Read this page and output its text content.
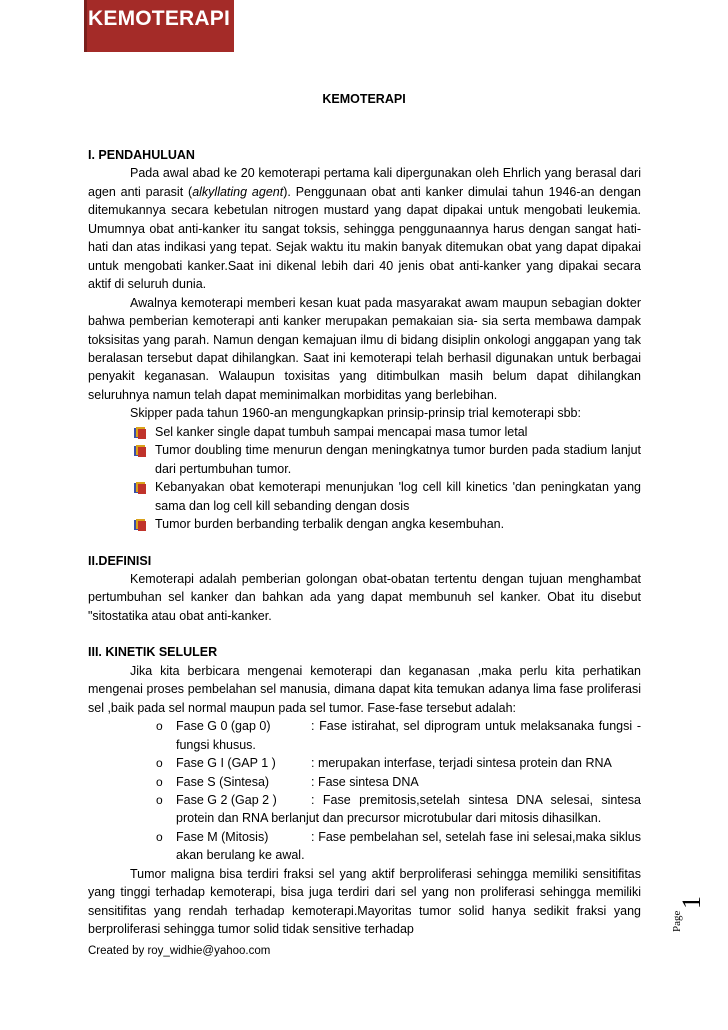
KEMOTERAPI
KEMOTERAPI

I. PENDAHULUAN

Pada awal abad ke 20 kemoterapi pertama kali dipergunakan oleh Ehrlich yang berasal dari agen anti parasit (alkyllating agent). Penggunaan obat anti kanker dimulai tahun 1946-an dengan ditemukannya secara kebetulan nitrogen mustard yang dapat dipakai untuk mengobati leukemia. Umumnya obat anti-kanker itu sangat toksis, sehingga penggunaannya harus dengan sangat hati-hati dan atas indikasi yang tepat. Sejak waktu itu makin banyak ditemukan obat yang dapat dipakai untuk mengobati kanker.Saat ini dikenal lebih dari 40 jenis obat anti-kanker yang dipakai secara aktif di seluruh dunia.

Awalnya kemoterapi memberi kesan kuat pada masyarakat awam maupun sebagian dokter bahwa pemberian kemoterapi anti kanker merupakan pemakaian sia- sia serta membawa dampak toksisitas yang parah. Namun dengan kemajuan ilmu di bidang disiplin onkologi anggapan yang tak beralasan tersebut dapat dihilangkan. Saat ini kemoterapi telah berhasil digunakan untuk berbagai penyakit keganasan. Walaupun toxisitas yang ditimbulkan masih belum dapat dihilangkan seluruhnya namun telah dapat meminimalkan morbiditas yang berlebihan.

Skipper pada tahun 1960-an mengungkapkan prinsip-prinsip trial kemoterapi sbb:

Sel kanker single dapat tumbuh sampai mencapai masa tumor letal
Tumor doubling time menurun dengan meningkatnya tumor burden pada stadium lanjut dari pertumbuhan tumor.
Kebanyakan obat kemoterapi menunjukan 'log cell kill kinetics 'dan peningkatan yang sama dan log cell kill sebanding dengan dosis
Tumor burden berbanding terbalik dengan angka kesembuhan.

II.DEFINISI

Kemoterapi adalah pemberian golongan obat-obatan tertentu dengan tujuan menghambat pertumbuhan sel kanker dan bahkan ada yang dapat membunuh sel kanker. Obat itu disebut "sitostatika atau obat anti-kanker.

III. KINETIK SELULER

Jika kita berbicara mengenai kemoterapi dan keganasan ,maka perlu kita perhatikan mengenai proses pembelahan sel manusia, dimana dapat kita temukan adanya lima fase proliferasi sel ,baik pada sel normal maupun pada sel tumor. Fase-fase tersebut adalah:

o Fase G 0 (gap 0)	: Fase istirahat, sel diprogram untuk melaksanaka fungsi - fungsi khusus.
o Fase G I (GAP 1 )	: merupakan interfase, terjadi sintesa protein dan RNA
o Fase S (Sintesa)	: Fase sintesa DNA
o Fase G 2 (Gap 2 )	: Fase premitosis,setelah sintesa DNA selesai, sintesa protein dan RNA berlanjut dan precursor microtubular dari mitosis dihasilkan.
o Fase M (Mitosis)	: Fase pembelahan sel, setelah fase ini selesai,maka siklus akan berulang ke awal.

Tumor maligna bisa terdiri fraksi sel yang aktif berproliferasi sehingga memiliki sensitifitas yang tinggi terhadap kemoterapi, bisa juga terdiri dari sel yang non proliferasi sehingga memiliki sensitifitas yang rendah terhadap kemoterapi.Mayoritas tumor solid hanya sedikit fraksi yang berproliferasi sehingga tumor solid tidak sensitive terhadap

Created by roy_widhie@yahoo.com
Page
1
